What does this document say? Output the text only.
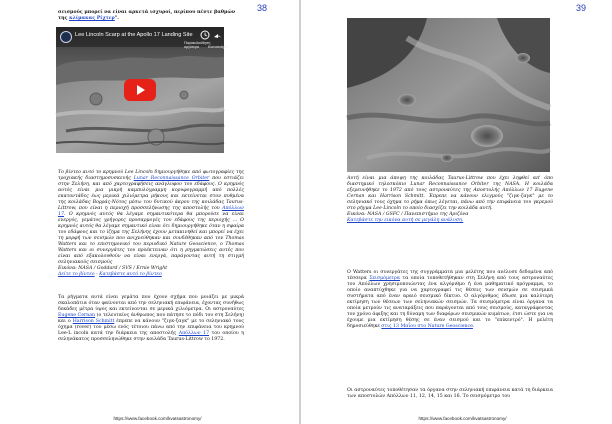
38
σεισμούς μπορεί να είναι αρκετά ισχυροί, περίπου πέντε βαθμών
της κλίμακας Ρίχτερ".
Lee Lincoln Scarp at the Apollo 17 Landing Site
Παρακολούθηση αργότερα	Κοινοποίηση
Το βίντεο αυτό το κρημνού Lee Lincoln δημιουργήθηκε από φωτογραφίες της τροχιακής διαστημοσυσκευής Lunar Reconnaissance Orbiter που εστιάζει στην Σελήνη, και από χαρτογραφήσεις ανάγλυφου του εδάφους. Ο κρημνός αυτός είναι μια μικρή καμπυλόγραμμη κορυφογραμμή από πολλές εκατοντάδες έως μερικά χιλιόμετρα μήκους και εκτείνεται στον πυθμένα της κοιλάδας Βορράς-Νότος μέσω του δυτικού άκρου της κοιλάδας Taurus-Littrow, που είναι η περιοχή προσσελήνωσης της αποστολής του Απόλλων 17. Ο κρημνός αυτός θα λέγαμε σημαντικότερα θα μπορούσε να είναι ενεργός, γεμάτος γρήγορες προσαρμογές του εδάφους της περιοχής ... O κρημνός αυτός θα λέγαμε σημαντικό είναι ότι δημιουργήθηκε όταν η σφαίρα του εδάφους και το ίζημα της Σελήνης έχουν μετακινηθεί και μπορεί να έχει τη μορφή των σεισμών που ανιχνεύθηκαν και συνδέθηκαν από τον Thomas Watters και το επιστημονικό του περιοδικό Nature Geoscience, o Thomas Watters και οι συνεργάτες του προέκτειναν ότι η ρηγματώσεις αυτές που είναι από εξακολουθούν να είναι ενεργά, παράγοντας αυτή τη στιγμή σεληνιακούς σεισμούς
Εικόνα: NASA / Goddard / SVS / Ernie Wright
Δείτε το βίντεο - Κατεβάστε αυτό το βίντεο
Τα ρήγματα αυτά είναι γεμάτα που έχουν σχήμα που μοιάζει με μικρά σκαλοπάτια όταν φαίνονται από την σεληνιακή επιφάνεια, έχοντας συνήθως δεκάδες μέτρα ύψος και εκτείνονται σε μερικά χιλιόμετρα. Οι αστροναύτες Eugene Cernan (ο τελευταίος άνθρωπος που πάτησε το πόδι του στη Σελήνη) και ο Harrison Schmitt έπρεπε να κάνουν "ζιγκ-ζαγκ" με το σεληνιακό τους όχημα (rover) του μέσω ενός τέτοιου πάνω από την επιφάνεια του κρημνού Lee-L incoln κατά την διάρκεια της αποστολής Απόλλων 17 του οποίου η σεληνάκατος προσσεληνώθηκε στην κοιλάδα Taurus-Littrow το 1972.
https://www.facebook.com/kvatsastronomy/
39
Αυτή είναι μια άποψη της κοιλάδας Taurus-Littrow που έχει ληφθεί απ' όπο διαστημικό τηλεσκόπιο Lunar Reconnaissance Orbiter της NASA. Η κοιλάδα εξερευνήθηκε το 1972 από τους αστροναύτες της Αποστολής Απόλλων 17 Eugene Cernan και Harrison Schmitt. Έπρεπε να κάνουν ελιγμούς "ζιγκ-ζαγκ" με το σεληνιακό τους όχημα το ρήμα όπως λέγεται, πάνω από την επιφάνεια του γκρεμού στο ρήγμα Lee-Lincoln το οποίο διασχίζει την κοιλάδα αυτή.
Εικόνα: NASA / GSFC / Πανεπιστήμιο της Αριζόνα
Κατεβάστε την εικόνα αυτή σε μεγάλη ανάλυση.
O Watters οι συνεργάτες της συγγράμματα μια μελέτης που ανέλυσε δεδομένα από τέσσερα Σεισμόμετρα τα οποία τοποθετήθηκαν στη Σελήνη από τους αστροναύτες του Απόλλων χρησιμοποιώντας ένα αλγόριθμο ή ένα μαθηματικό πρόγραμμα, το οποίο αναπτύχθηκε για να χαρτογραφεί τις θέσεις των σεισμών σε σεισμικά συστήματα από έναν αραιό σεισμικό δίκτυο. Ο αλγόριθμος έδωσε μια καλύτερη εκτίμηση των θέσεων των σεληνιακών σεισμών. Τα σεισμόμετρα είναι όργανα τα οποία μετρούν τις αναταράξεις που παράγονται από τους σεισμούς, καταγράφοντας τον χρόνο άφιξης και τη δύναμη των διαφόρων σεισμικών κυμάτων, έτσι ώστε για να έχουμε μια εκτίμηση θέσης σε έναν σεισμού και το "επίκεντρό". Η μελέτη δημοσιεύθηκε στις 13 Μαΐου στο Nature Geoscience.
Οι αστροναύτες τοποθέτησαν τα όργανα στην σεληνιακή επιφάνεια κατά τη διάρκεια των αποστολών Απόλλων 11, 12, 14, 15 και 16. Το σεισμόμετρο του
https://www.facebook.com/kvatsastronomy/
